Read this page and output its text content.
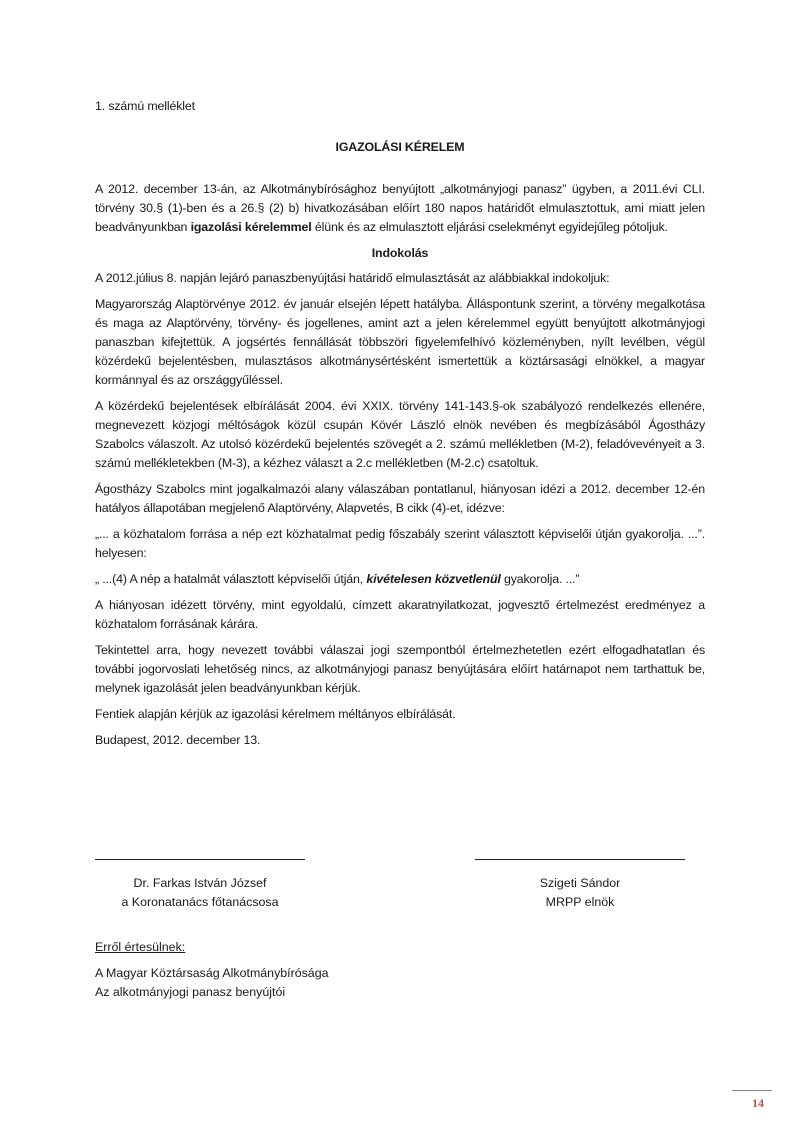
1. számú melléklet
IGAZOLÁSI KÉRELEM

A 2012. december 13-án, az Alkotmánybírósághoz benyújtott „alkotmányjogi panasz” ügyben, a 2011.évi CLI. törvény 30.§ (1)-ben és a 26.§ (2) b) hivatkozásában előírt 180 napos határidőt elmulasztottuk, ami miatt jelen beadványunkban igazolási kérelemmel élünk és az elmulasztott eljárási cselekményt egyidejűleg pótoljuk.

Indokolás

A 2012.július 8. napján lejáró panaszbenyújtási határidő elmulasztását az alábbiakkal indokoljuk:

Magyarország Alaptörvénye 2012. év január elsején lépett hatályba. Álláspontunk szerint, a törvény megalkotása és maga az Alaptörvény, törvény- és jogellenes, amint azt a jelen kérelemmel együtt benyújtott alkotmányjogi panaszban kifejtettük. A jogsértés fennállását többszöri figyelemfelhívó közleményben, nyílt levélben, végül közérdekű bejelentésben, mulasztásos alkotmánysértésként ismertettük a köztársasági elnökkel, a magyar kormánnyal és az országgyűléssel.

A közérdekű bejelentések elbírálását 2004. évi XXIX. törvény 141-143.§-ok szabályozó rendelkezés ellenére, megnevezett közjogi méltóságok közül csupán Kövér László elnök nevében és megbízásából Ágostházy Szabolcs válaszolt. Az utolsó közérdekű bejelentés szövegét a 2. számú mellékletben (M-2), feladóvevényeit a 3. számú mellékletekben (M-3), a kézhez választ a 2.c mellékletben (M-2.c) csatoltuk.

Ágostházy Szabolcs mint jogalkalmazói alany válaszában pontatlanul, hiányosan idézi a 2012. december 12-én hatályos állapotában megjelenő Alaptörvény, Alapvetés, B cikk (4)-et, idézve:

„... a közhatalom forrása a nép ezt közhatalmat pedig főszabály szerint választott képviselői útján gyakorolja. ...”. helyesen:

„ ...(4) A nép a hatalmát választott képviselői útján, kivételesen közvetlenül gyakorolja. ...”

A hiányosan idézett törvény, mint egyoldalú, címzett akaratnyilatkozat, jogvesztő értelmezést eredményez a közhatalom forrásának kárára.

Tekintettel arra, hogy nevezett további válaszai jogi szempontból értelmezhetetlen ezért elfogadhatatlan és további jogorvoslati lehetőség nincs, az alkotmányjogi panasz benyújtására előírt határnapot nem tarthattuk be, melynek igazolását jelen beadványunkban kérjük.

Fentiek alapján kérjük az igazolási kérelmem méltányos elbírálását.

Budapest, 2012. december 13.

Dr. Farkas István József
a Koronatanács főtanácsosa
Szigeti Sándor
MRPP elnök
Erről értesülnek:
A Magyar Köztársaság Alkotmánybírósága
Az alkotmányjogi panasz benyújtói
14
